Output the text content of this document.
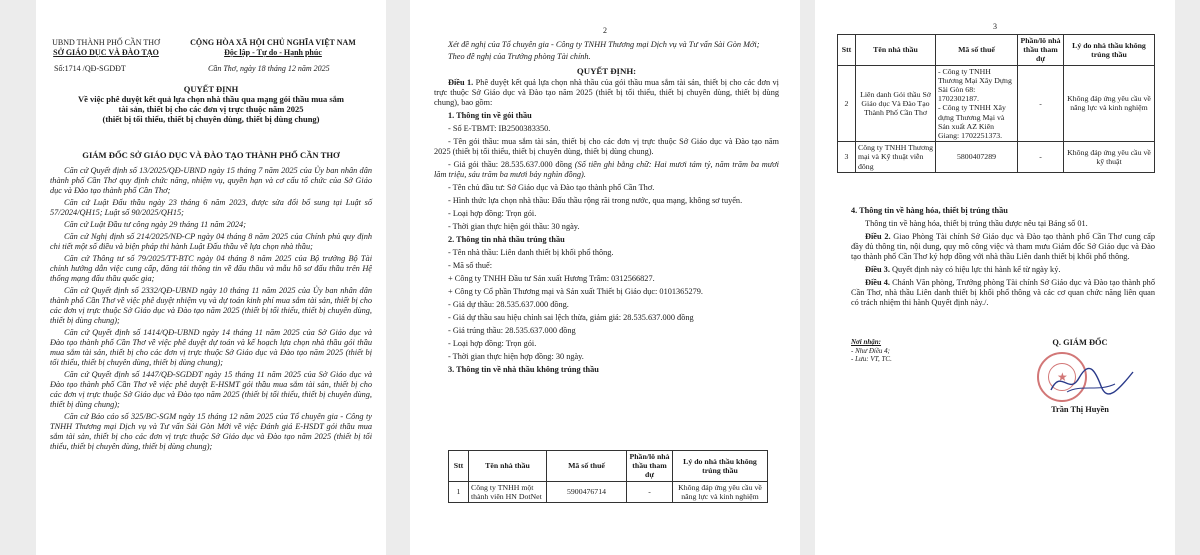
UBND THÀNH PHỐ CẦN THƠ
SỞ GIÁO DỤC VÀ ĐÀO TẠO
CỘNG HÒA XÃ HỘI CHỦ NGHĨA VIỆT NAM
Độc lập - Tự do - Hạnh phúc
Số:1714 /QĐ-SGDĐT	Cần Thơ, ngày 18 tháng 12 năm 2025
QUYẾT ĐỊNH
Về việc phê duyệt kết quả lựa chọn nhà thầu qua mạng gói thầu mua sắm
tài sản, thiết bị cho các đơn vị trực thuộc năm 2025
(thiết bị tối thiểu, thiết bị chuyên dùng, thiết bị dùng chung)
GIÁM ĐỐC SỞ GIÁO DỤC VÀ ĐÀO TẠO THÀNH PHỐ CẦN THƠ

Căn cứ Quyết định số 13/2025/QĐ-UBND ngày 15 tháng 7 năm 2025 của Ủy ban nhân dân thành phố Cần Thơ quy định chức năng, nhiệm vụ, quyền hạn và cơ cấu tổ chức của Sở Giáo dục và Đào tạo thành phố Cần Thơ;

Căn cứ Luật Đấu thầu ngày 23 tháng 6 năm 2023, được sửa đổi bổ sung tại Luật số 57/2024/QH15; Luật số 90/2025/QH15;

Căn cứ Luật Đầu tư công ngày 29 tháng 11 năm 2024;

Căn cứ Nghị định số 214/2025/NĐ-CP ngày 04 tháng 8 năm 2025 của Chính phủ quy định chi tiết một số điều và biện pháp thi hành Luật Đấu thầu về lựa chọn nhà thầu;

Căn cứ Thông tư số 79/2025/TT-BTC ngày 04 tháng 8 năm 2025 của Bộ trưởng Bộ Tài chính hướng dẫn việc cung cấp, đăng tải thông tin về đấu thầu và mẫu hồ sơ đấu thầu trên Hệ thống mạng đấu thầu quốc gia;

Căn cứ Quyết định số 2332/QĐ-UBND ngày 10 tháng 11 năm 2025 của Ủy ban nhân dân thành phố Cần Thơ về việc phê duyệt nhiệm vụ và dự toán kinh phí mua sắm tài sản, thiết bị cho các đơn vị trực thuộc Sở Giáo dục và Đào tạo năm 2025 (thiết bị tối thiểu, thiết bị chuyên dùng, thiết bị dùng chung);

Căn cứ Quyết định số 1414/QĐ-UBND ngày 14 tháng 11 năm 2025 của Sở Giáo dục và Đào tạo thành phố Cần Thơ về việc phê duyệt dự toán và kế hoạch lựa chọn nhà thầu gói thầu mua sắm tài sản, thiết bị cho các đơn vị trực thuộc Sở Giáo dục và Đào tạo năm 2025 (thiết bị tối thiểu, thiết bị chuyên dùng, thiết bị dùng chung);

Căn cứ Quyết định số 1447/QĐ-SGDĐT ngày 15 tháng 11 năm 2025 của Sở Giáo dục và Đào tạo thành phố Cần Thơ về việc phê duyệt E-HSMT gói thầu mua sắm tài sản, thiết bị cho các đơn vị trực thuộc Sở Giáo dục và Đào tạo năm 2025 (thiết bị tối thiểu, thiết bị chuyên dùng, thiết bị dùng chung);

Căn cứ Báo cáo số 325/BC-SGM ngày 15 tháng 12 năm 2025 của Tổ chuyên gia - Công ty TNHH Thương mại Dịch vụ và Tư vấn Sài Gòn Mới về việc Đánh giá E-HSDT gói thầu mua sắm tài sản, thiết bị cho các đơn vị trực thuộc Sở Giáo dục và Đào tạo năm 2025 (thiết bị tối thiểu, thiết bị chuyên dùng, thiết bị dùng chung);

2

Xét đề nghị của Tổ chuyên gia - Công ty TNHH Thương mại Dịch vụ và Tư vấn Sài Gòn Mới;

Theo đề nghị của Trưởng phòng Tài chính.

QUYẾT ĐỊNH:

Điều 1. Phê duyệt kết quả lựa chọn nhà thầu của gói thầu mua sắm tài sản, thiết bị cho các đơn vị trực thuộc Sở Giáo dục và Đào tạo năm 2025 (thiết bị tối thiểu, thiết bị chuyên dùng, thiết bị dùng chung), bao gồm:

1. Thông tin về gói thầu

- Số E-TBMT: IB2500383350.

- Tên gói thầu: mua sắm tài sản, thiết bị cho các đơn vị trực thuộc Sở Giáo dục và Đào tạo năm 2025 (thiết bị tối thiểu, thiết bị chuyên dùng, thiết bị dùng chung).

- Giá gói thầu: 28.535.637.000 đồng (Số tiền ghi bằng chữ: Hai mươi tám tỷ, năm trăm ba mươi lăm triệu, sáu trăm ba mươi bảy nghìn đồng).

- Tên chủ đầu tư: Sở Giáo dục và Đào tạo thành phố Cần Thơ.

- Hình thức lựa chọn nhà thầu: Đấu thầu rộng rãi trong nước, qua mạng, không sơ tuyển.

- Loại hợp đồng: Trọn gói.

- Thời gian thực hiện gói thầu: 30 ngày.

2. Thông tin nhà thầu trúng thầu

- Tên nhà thầu: Liên danh thiết bị khối phổ thông.

- Mã số thuế:

+ Công ty TNHH Đầu tư Sản xuất Hương Trâm: 0312566827.

+ Công ty Cổ phần Thương mại và Sản xuất Thiết bị Giáo dục: 0101365279.

- Giá dự thầu: 28.535.637.000 đồng.

- Giá dự thầu sau hiệu chỉnh sai lệch thừa, giảm giá: 28.535.637.000 đồng

- Giá trúng thầu: 28.535.637.000 đồng

- Loại hợp đồng: Trọn gói.

- Thời gian thực hiện hợp đồng: 30 ngày.

3. Thông tin về nhà thầu không trúng thầu

Stt	Tên nhà thầu	Mã số thuế	Phần/lô nhà thầu tham dự	Lý do nhà thầu không trúng thầu
1	Công ty TNHH một thành viên HN DotNet	5900476714	-	Không đáp ứng yêu cầu về năng lực và kinh nghiệm
3
Stt	Tên nhà thầu	Mã số thuế	Phần/lô nhà thầu tham dự	Lý do nhà thầu không trúng thầu
2	Liên danh Gói thầu Sở Giáo dục Và Đào Tạo Thành Phố Cần Thơ	- Công ty TNHH Thương Mại Xây Dựng Sài Gòn 68: 1702302187.
- Công ty TNHH Xây dựng Thương Mại và Sản xuất AZ Kiên Giang: 1702251373.	-	Không đáp ứng yêu cầu về năng lực và kinh nghiệm
3	Công ty TNHH Thương mại và Kỹ thuật viễn đông	5800407289	-	Không đáp ứng yêu cầu về kỹ thuật

4. Thông tin về hàng hóa, thiết bị trúng thầu

Thông tin về hàng hóa, thiết bị trúng thầu được nêu tại Bảng số 01.

Điều 2. Giao Phòng Tài chính Sở Giáo dục và Đào tạo thành phố Cần Thơ cung cấp đầy đủ thông tin, nội dung, quy mô công việc và tham mưu Giám đốc Sở Giáo dục và Đào tạo thành phố Cần Thơ ký hợp đồng với nhà thầu Liên danh thiết bị khối phổ thông.

Điều 3. Quyết định này có hiệu lực thi hành kể từ ngày ký.

Điều 4. Chánh Văn phòng, Trưởng phòng Tài chính Sở Giáo dục và Đào tạo thành phố Cần Thơ, nhà thầu Liên danh thiết bị khối phổ thông và các cơ quan chức năng liên quan có trách nhiệm thi hành Quyết định này./.

Nơi nhận:
- Như Điều 4;
- Lưu: VT, TC.
Q. GIÁM ĐỐC
★
Trần Thị Huyền
